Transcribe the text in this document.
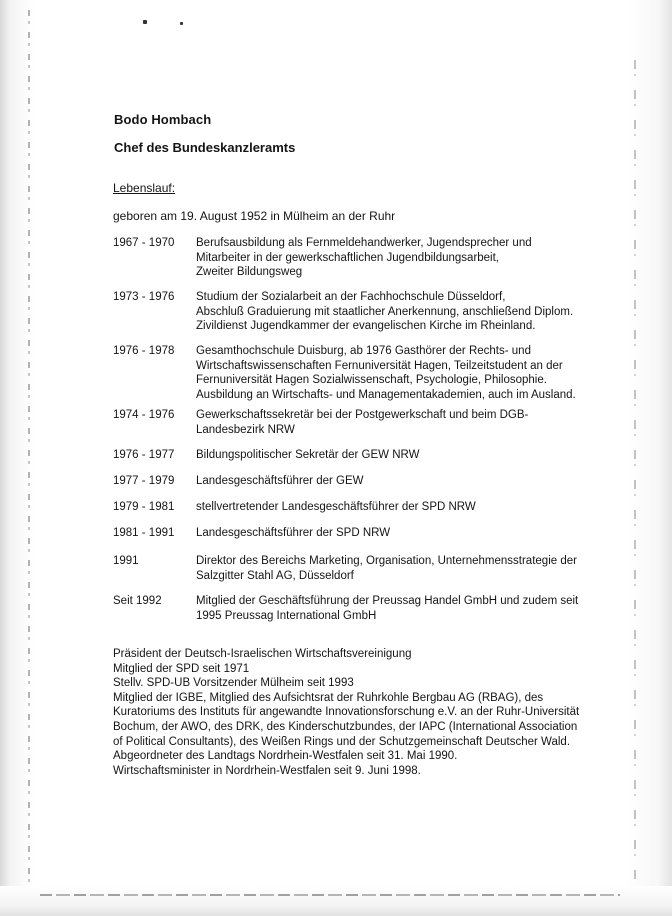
Bodo Hombach
Chef des Bundeskanzleramts
Lebenslauf:
geboren am 19. August 1952 in Mülheim an der Ruhr
1967 - 1970	Berufsausbildung als Fernmeldehandwerker, Jugendsprecher und
Mitarbeiter in der gewerkschaftlichen Jugendbildungsarbeit,
Zweiter Bildungsweg
1973 - 1976	Studium der Sozialarbeit an der Fachhochschule Düsseldorf,
Abschluß Graduierung mit staatlicher Anerkennung, anschließend Diplom.
Zivildienst Jugendkammer der evangelischen Kirche im Rheinland.
1976 - 1978	Gesamthochschule Duisburg, ab 1976 Gasthörer der Rechts- und
Wirtschaftswissenschaften Fernuniversität Hagen, Teilzeitstudent an der
Fernuniversität Hagen Sozialwissenschaft, Psychologie, Philosophie.
Ausbildung an Wirtschafts- und Managementakademien, auch im Ausland.
1974 - 1976	Gewerkschaftssekretär bei der Postgewerkschaft und beim DGB-
Landesbezirk NRW
1976 - 1977	Bildungspolitischer Sekretär der GEW NRW
1977 - 1979	Landesgeschäftsführer der GEW
1979 - 1981	stellvertretender Landesgeschäftsführer der SPD NRW
1981 - 1991	Landesgeschäftsführer der SPD NRW
1991	Direktor des Bereichs Marketing, Organisation, Unternehmensstrategie der
Salzgitter Stahl AG, Düsseldorf
Seit 1992	Mitglied der Geschäftsführung der Preussag Handel GmbH und zudem seit
1995 Preussag International GmbH
Präsident der Deutsch-Israelischen Wirtschaftsvereinigung
Mitglied der SPD seit 1971
Stellv. SPD-UB Vorsitzender Mülheim seit 1993
Mitglied der IGBE, Mitglied des Aufsichtsrat der Ruhrkohle Bergbau AG (RBAG), des
Kuratoriums des Instituts für angewandte Innovationsforschung e.V. an der Ruhr-Universität
Bochum, der AWO, des DRK, des Kinderschutzbundes, der IAPC (International Association
of Political Consultants), des Weißen Rings und der Schutzgemeinschaft Deutscher Wald.
Abgeordneter des Landtags Nordrhein-Westfalen seit 31. Mai 1990.
Wirtschaftsminister in Nordrhein-Westfalen seit 9. Juni 1998.
